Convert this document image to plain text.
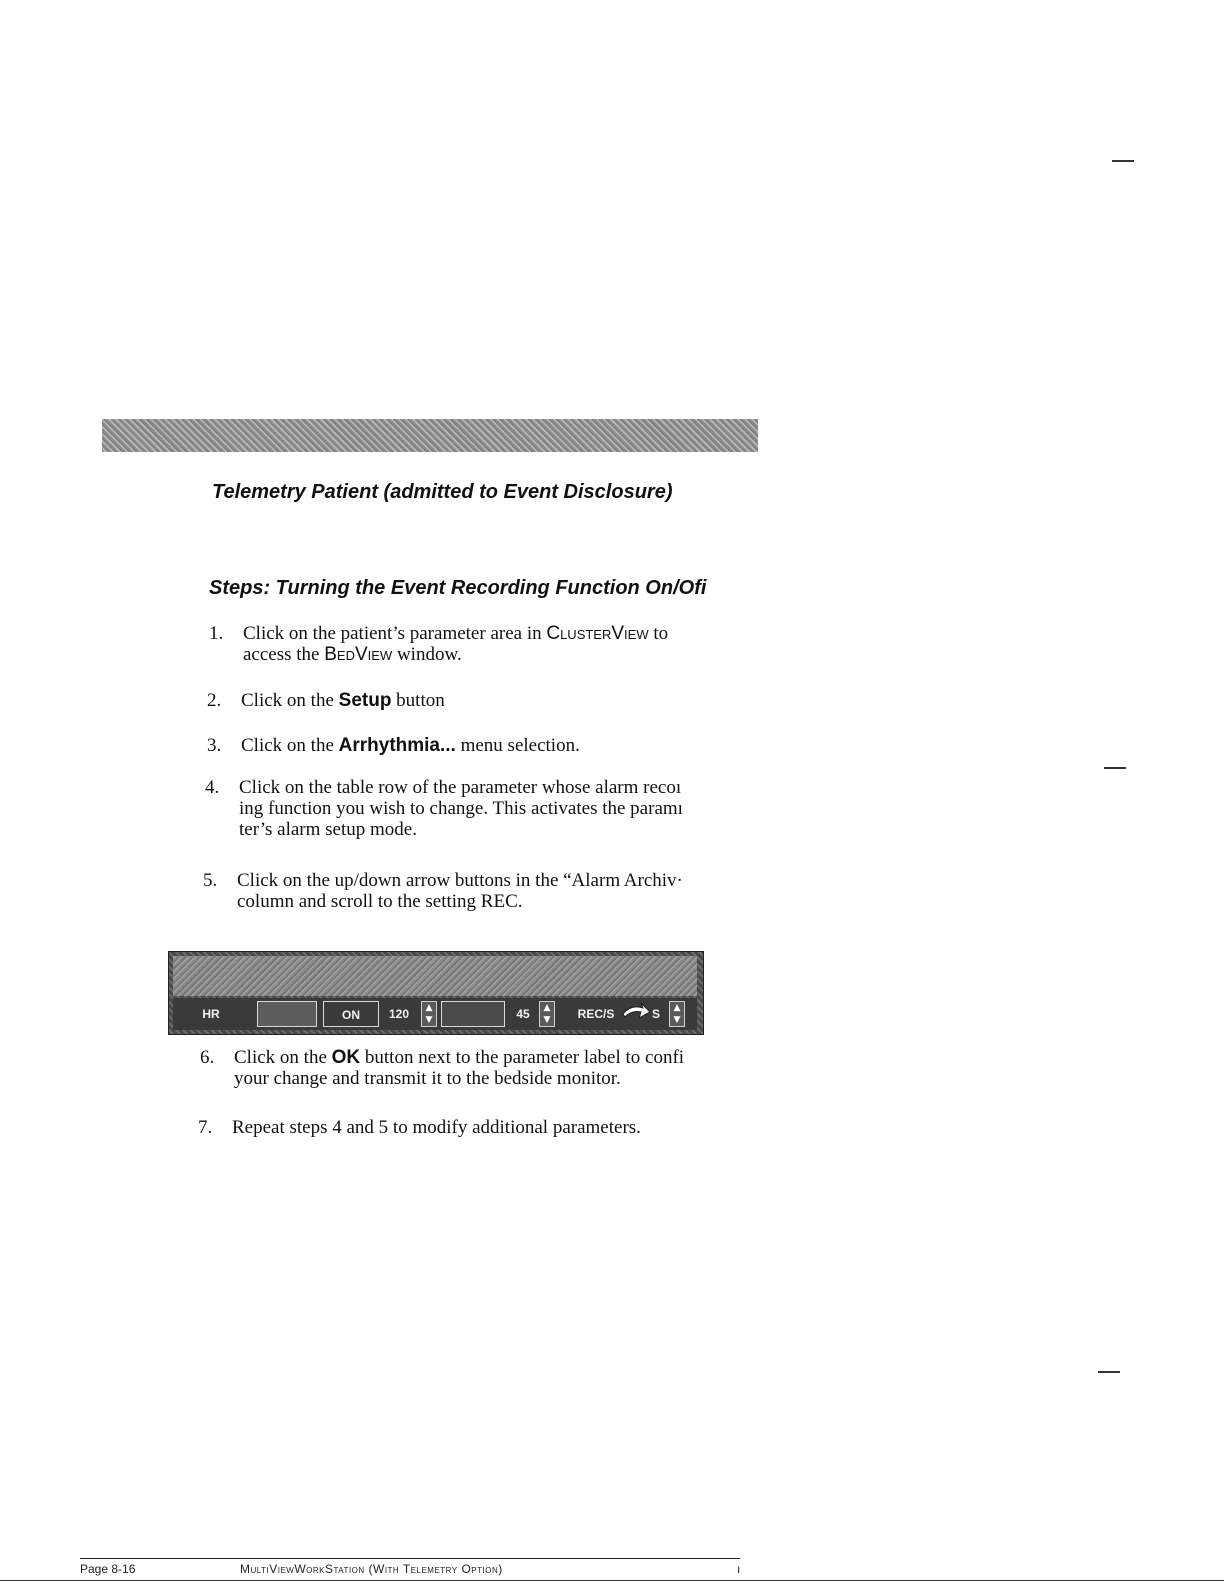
Telemetry Patient (admitted to Event Disclosure)
Steps: Turning the Event Recording Function On/Ofi
1. Click on the patient’s parameter area in ClusterView to
access the BedView window.
2. Click on the Setup button
3. Click on the Arrhythmia... menu selection.
4. Click on the table row of the parameter whose alarm recoı
ing function you wish to change. This activates the paramı
ter’s alarm setup mode.
5. Click on the up/down arrow buttons in the “Alarm Archiv·
column and scroll to the setting REC.
HR	ON	120	▲
▼	45	▲
▼	REC/S	S	▲
▼
6. Click on the OK button next to the parameter label to confi
your change and transmit it to the bedside monitor.
7. Repeat steps 4 and 5 to modify additional parameters.
Page 8-16	MultiViewWorkStation (With Telemetry Option)	ı
